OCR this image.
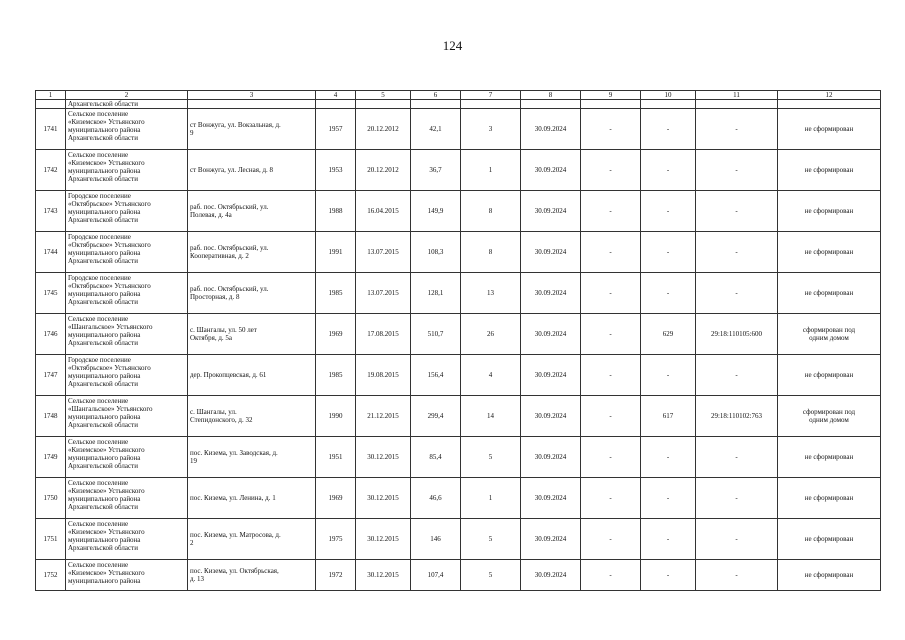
124
1	2	3	4	5	6	7	8	9	10	11	12
	Архангельской области										
1741	Сельское поселение
«Киземское» Устьянского
муниципального района
Архангельской области	ст Вонжуга, ул. Вокзальная, д.
9	1957	20.12.2012	42,1	3	30.09.2024	-	-	-	не сформирован
1742	Сельское поселение
«Киземское» Устьянского
муниципального района
Архангельской области	ст Вонжуга, ул. Лесная, д. 8	1953	20.12.2012	36,7	1	30.09.2024	-	-	-	не сформирован
1743	Городское поселение
«Октябрьское» Устьянского
муниципального района
Архангельской области	раб. пос. Октябрьский, ул.
Полевая, д. 4а	1988	16.04.2015	149,9	8	30.09.2024	-	-	-	не сформирован
1744	Городское поселение
«Октябрьское» Устьянского
муниципального района
Архангельской области	раб. пос. Октябрьский, ул.
Кооперативная, д. 2	1991	13.07.2015	108,3	8	30.09.2024	-	-	-	не сформирован
1745	Городское поселение
«Октябрьское» Устьянского
муниципального района
Архангельской области	раб. пос. Октябрьский, ул.
Просторная, д. 8	1985	13.07.2015	128,1	13	30.09.2024	-	-	-	не сформирован
1746	Сельское поселение
«Шангальское» Устьянского
муниципального района
Архангельской области	с. Шангалы, ул. 50 лет
Октября, д. 5а	1969	17.08.2015	510,7	26	30.09.2024	-	629	29:18:110105:600	сформирован под
одним домом
1747	Городское поселение
«Октябрьское» Устьянского
муниципального района
Архангельской области	дер. Прокопцевская, д. 61	1985	19.08.2015	156,4	4	30.09.2024	-	-	-	не сформирован
1748	Сельское поселение
«Шангальское» Устьянского
муниципального района
Архангельской области	с. Шангалы, ул.
Степидонского, д. 32	1990	21.12.2015	299,4	14	30.09.2024	-	617	29:18:110102:763	сформирован под
одним домом
1749	Сельское поселение
«Киземское» Устьянского
муниципального района
Архангельской области	пос. Кизема, ул. Заводская, д.
19	1951	30.12.2015	85,4	5	30.09.2024	-	-	-	не сформирован
1750	Сельское поселение
«Киземское» Устьянского
муниципального района
Архангельской области	пос. Кизема, ул. Ленина, д. 1	1969	30.12.2015	46,6	1	30.09.2024	-	-	-	не сформирован
1751	Сельское поселение
«Киземское» Устьянского
муниципального района
Архангельской области	пос. Кизема, ул. Матросова, д.
2	1975	30.12.2015	146	5	30.09.2024	-	-	-	не сформирован
1752	Сельское поселение
«Киземское» Устьянского
муниципального района	пос. Кизема, ул. Октябрьская,
д. 13	1972	30.12.2015	107,4	5	30.09.2024	-	-	-	не сформирован
